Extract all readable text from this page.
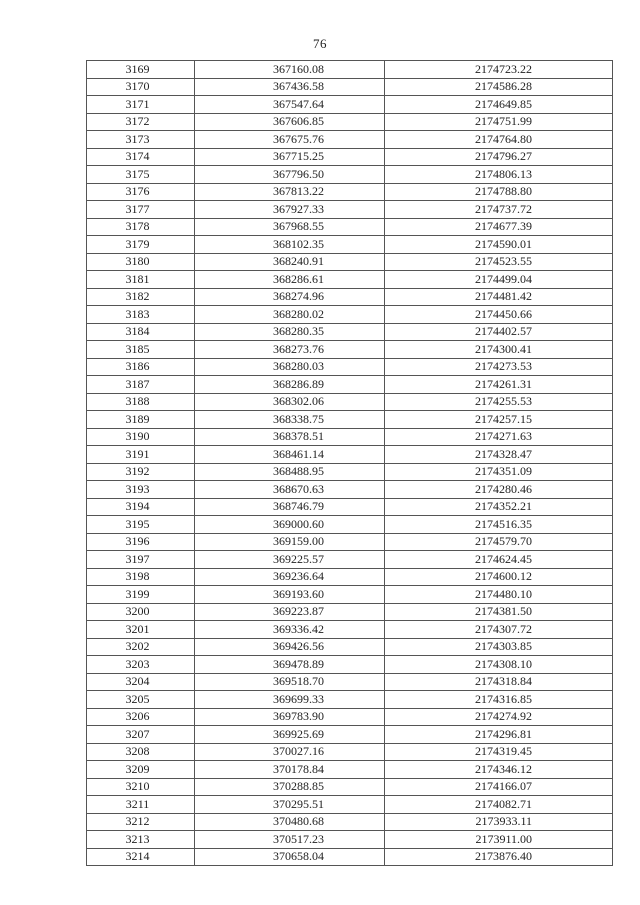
76
3169	367160.08	2174723.22
3170	367436.58	2174586.28
3171	367547.64	2174649.85
3172	367606.85	2174751.99
3173	367675.76	2174764.80
3174	367715.25	2174796.27
3175	367796.50	2174806.13
3176	367813.22	2174788.80
3177	367927.33	2174737.72
3178	367968.55	2174677.39
3179	368102.35	2174590.01
3180	368240.91	2174523.55
3181	368286.61	2174499.04
3182	368274.96	2174481.42
3183	368280.02	2174450.66
3184	368280.35	2174402.57
3185	368273.76	2174300.41
3186	368280.03	2174273.53
3187	368286.89	2174261.31
3188	368302.06	2174255.53
3189	368338.75	2174257.15
3190	368378.51	2174271.63
3191	368461.14	2174328.47
3192	368488.95	2174351.09
3193	368670.63	2174280.46
3194	368746.79	2174352.21
3195	369000.60	2174516.35
3196	369159.00	2174579.70
3197	369225.57	2174624.45
3198	369236.64	2174600.12
3199	369193.60	2174480.10
3200	369223.87	2174381.50
3201	369336.42	2174307.72
3202	369426.56	2174303.85
3203	369478.89	2174308.10
3204	369518.70	2174318.84
3205	369699.33	2174316.85
3206	369783.90	2174274.92
3207	369925.69	2174296.81
3208	370027.16	2174319.45
3209	370178.84	2174346.12
3210	370288.85	2174166.07
3211	370295.51	2174082.71
3212	370480.68	2173933.11
3213	370517.23	2173911.00
3214	370658.04	2173876.40
